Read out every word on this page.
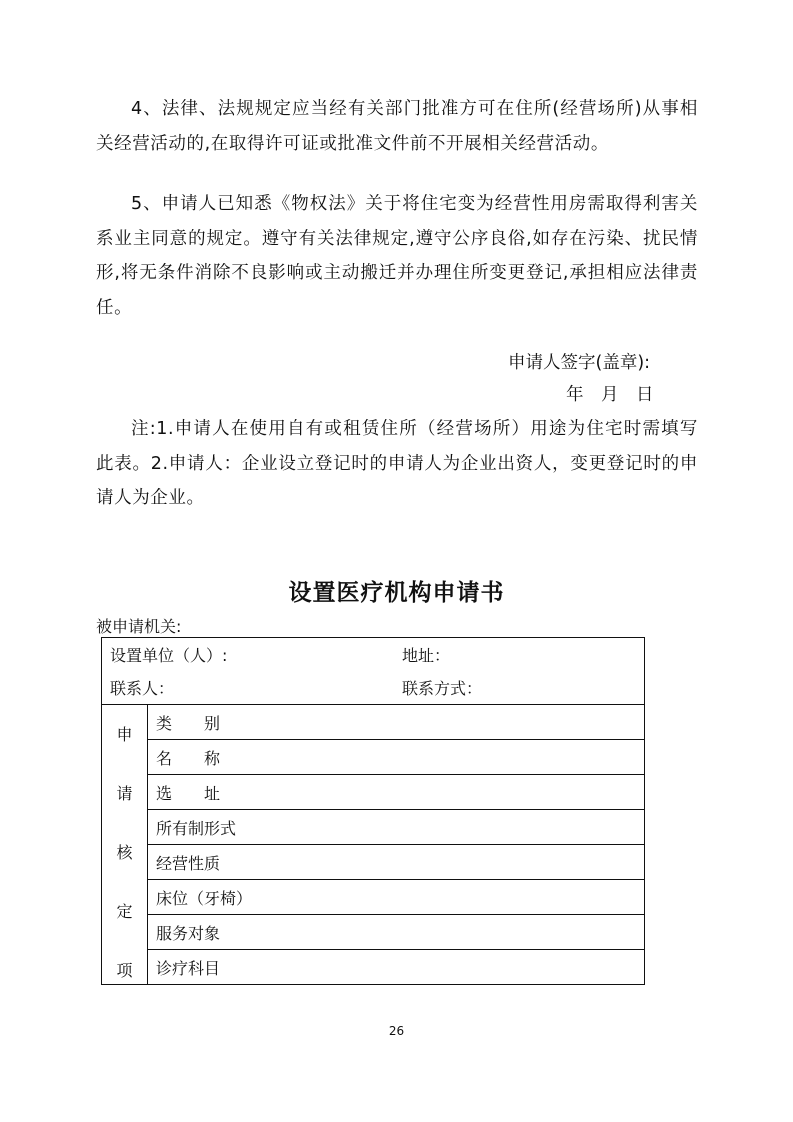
4、法律、法规规定应当经有关部门批准方可在住所(经营场所)从事相关经营活动的,在取得许可证或批准文件前不开展相关经营活动。
5、申请人已知悉《物权法》关于将住宅变为经营性用房需取得利害关系业主同意的规定。遵守有关法律规定,遵守公序良俗,如存在污染、扰民情形,将无条件消除不良影响或主动搬迁并办理住所变更登记,承担相应法律责任。
申请人签字(盖章):
年　月　日
注:1.申请人在使用自有或租赁住所（经营场所）用途为住宅时需填写此表。2.申请人：企业设立登记时的申请人为企业出资人，变更登记时的申请人为企业。
设置医疗机构申请书
被申请机关:
设置单位（人）:	地址：

联系人：	联系方式：

申
请
核
定
项
	类　　别
名　　称
选　　址
所有制形式
经营性质
床位（牙椅）
服务对象
诊疗科目
26
